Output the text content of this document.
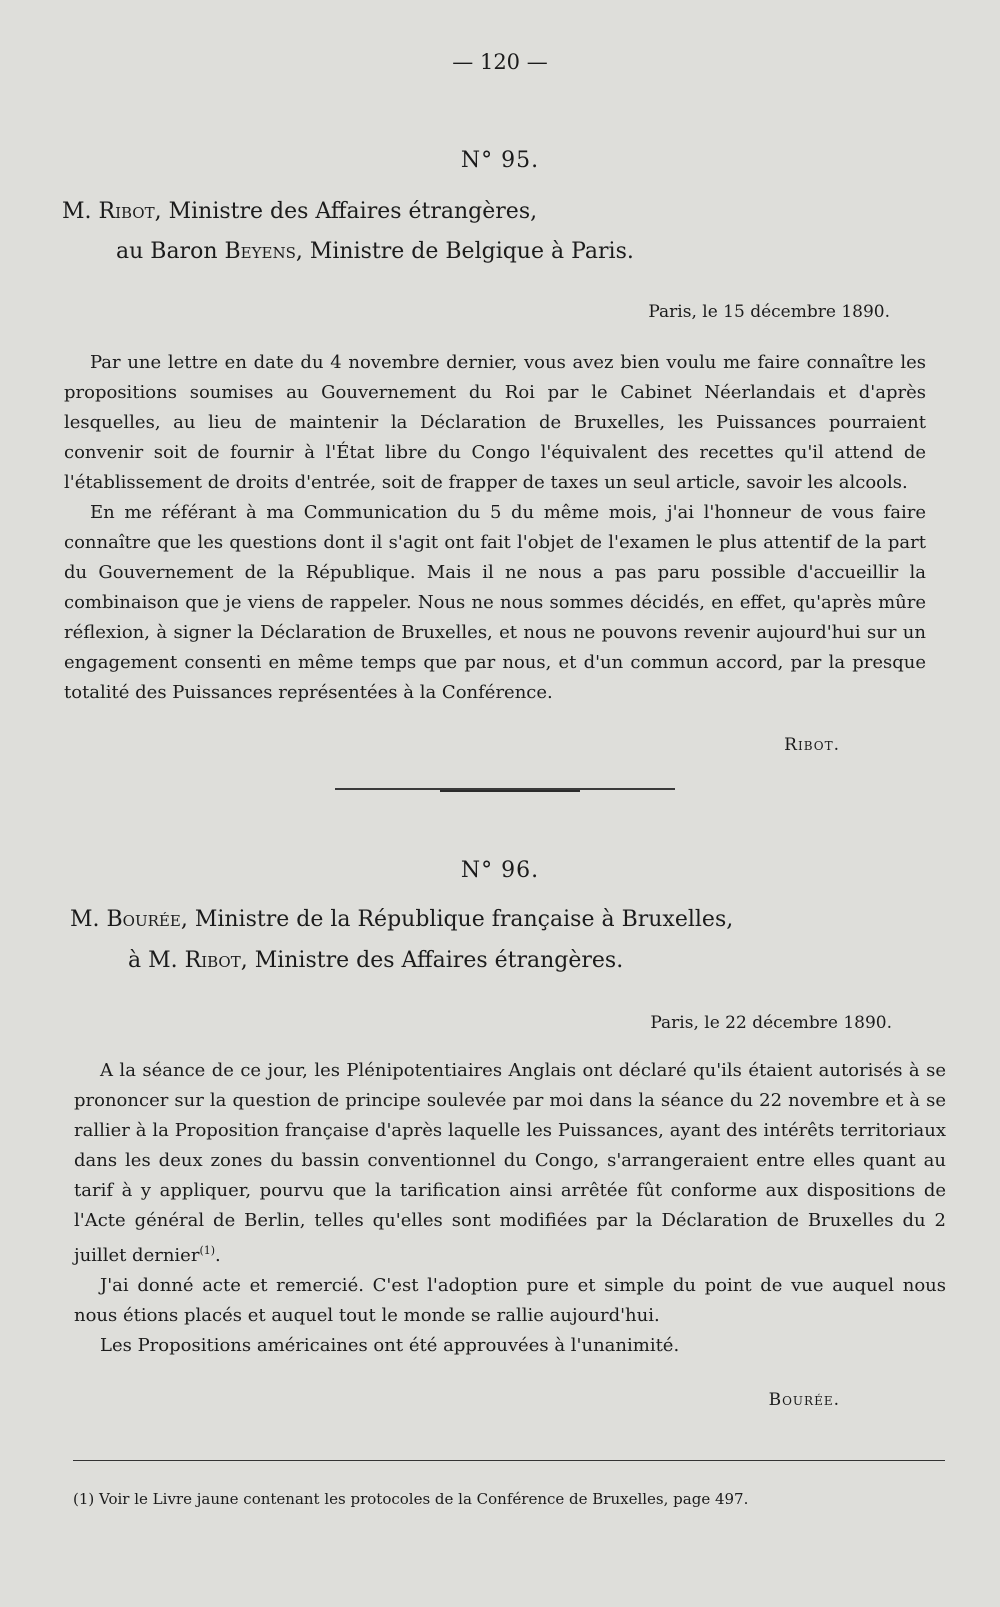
— 120 —
N° 95.
M. Ribot, Ministre des Affaires étrangères,
au Baron Beyens, Ministre de Belgique à Paris.
Paris, le 15 décembre 1890.

Par une lettre en date du 4 novembre dernier, vous avez bien voulu me faire connaître les propositions soumises au Gouvernement du Roi par le Cabinet Néerlandais et d'après lesquelles, au lieu de maintenir la Déclaration de Bruxelles, les Puissances pourraient convenir soit de fournir à l'État libre du Congo l'équivalent des recettes qu'il attend de l'établissement de droits d'entrée, soit de frapper de taxes un seul article, savoir les alcools.

En me référant à ma Communication du 5 du même mois, j'ai l'honneur de vous faire connaître que les questions dont il s'agit ont fait l'objet de l'examen le plus attentif de la part du Gouvernement de la République. Mais il ne nous a pas paru possible d'accueillir la combinaison que je viens de rappeler. Nous ne nous sommes décidés, en effet, qu'après mûre réflexion, à signer la Déclaration de Bruxelles, et nous ne pouvons revenir aujourd'hui sur un engagement consenti en même temps que par nous, et d'un commun accord, par la presque totalité des Puissances représentées à la Conférence.

Ribot.
N° 96.
M. Bourée, Ministre de la République française à Bruxelles,
à M. Ribot, Ministre des Affaires étrangères.
Paris, le 22 décembre 1890.

A la séance de ce jour, les Plénipotentiaires Anglais ont déclaré qu'ils étaient autorisés à se prononcer sur la question de principe soulevée par moi dans la séance du 22 novembre et à se rallier à la Proposition française d'après laquelle les Puissances, ayant des intérêts territoriaux dans les deux zones du bassin conventionnel du Congo, s'arrangeraient entre elles quant au tarif à y appliquer, pourvu que la tarification ainsi arrêtée fût conforme aux dispositions de l'Acte général de Berlin, telles qu'elles sont modifiées par la Déclaration de Bruxelles du 2 juillet dernier$^{(1)}$.

J'ai donné acte et remercié. C'est l'adoption pure et simple du point de vue auquel nous nous étions placés et auquel tout le monde se rallie aujourd'hui.

Les Propositions américaines ont été approuvées à l'unanimité.

Bourée.
(1) Voir le Livre jaune contenant les protocoles de la Conférence de Bruxelles, page 497.
